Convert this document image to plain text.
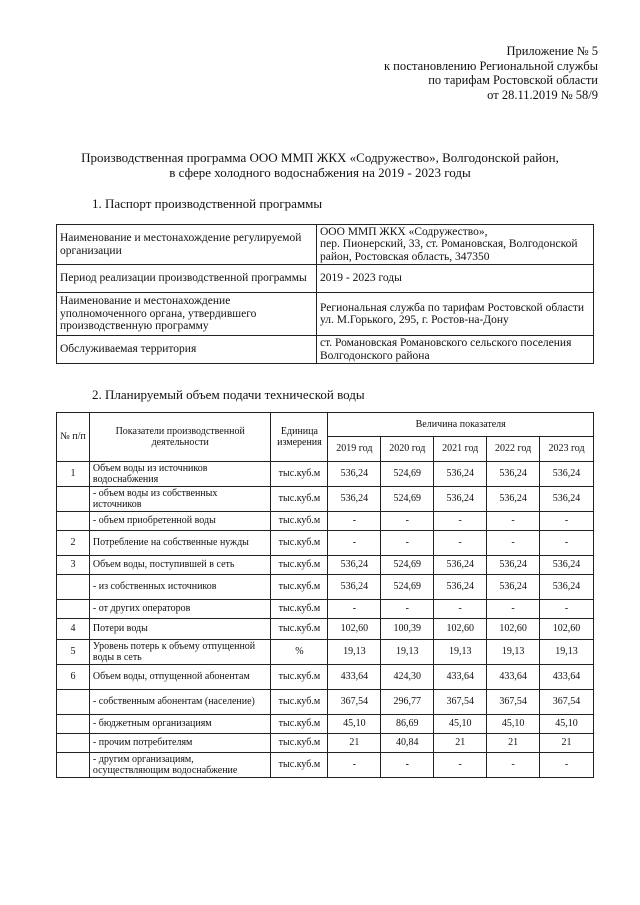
Приложение № 5
к постановлению Региональной службы
по тарифам Ростовской области
от 28.11.2019 № 58/9
Производственная программа ООО ММП ЖКХ «Содружество», Волгодонской район,
в сфере холодного водоснабжения на 2019 - 2023 годы
1. Паспорт производственной программы
Наименование и местонахождение регулируемой организации	ООО ММП ЖКХ «Содружество»,
пер. Пионерский, 33, ст. Романовская, Волгодонской район, Ростовская область, 347350

Период реализации производственной программы	2019 - 2023 годы

Наименование и местонахождение уполномоченного органа, утвердившего производственную программу	Региональная служба по тарифам Ростовской области
ул. М.Горького, 295, г. Ростов-на-Дону

Обслуживаемая территория	ст. Романовская Романовского сельского поселения Волгодонского района
2. Планируемый объем подачи технической воды
№ п/п	Показатели производственной деятельности	Единица измерения	Величина показателя				
			2019 год	2020 год	2021 год	2022 год	2023 год
1	Объем воды из источников водоснабжения	тыс.куб.м	536,24	524,69	536,24	536,24	536,24
	- объем воды из собственных источников	тыс.куб.м	536,24	524,69	536,24	536,24	536,24
	- объем приобретенной воды	тыс.куб.м	-	-	-	-	-
2	Потребление на собственные нужды	тыс.куб.м	-	-	-	-	-
3	Объем воды, поступившей в сеть	тыс.куб.м	536,24	524,69	536,24	536,24	536,24
	- из собственных источников	тыс.куб.м	536,24	524,69	536,24	536,24	536,24
	- от других операторов	тыс.куб.м	-	-	-	-	-
4	Потери воды	тыс.куб.м	102,60	100,39	102,60	102,60	102,60
5	Уровень потерь к объему отпущенной воды в сеть	%	19,13	19,13	19,13	19,13	19,13
6	Объем воды, отпущенной абонентам	тыс.куб.м	433,64	424,30	433,64	433,64	433,64
	- собственным абонентам (население)	тыс.куб.м	367,54	296,77	367,54	367,54	367,54
	- бюджетным организациям	тыс.куб.м	45,10	86,69	45,10	45,10	45,10
	- прочим потребителям	тыс.куб.м	21	40,84	21	21	21
	- другим организациям, осуществляющим водоснабжение	тыс.куб.м	-	-	-	-	-
